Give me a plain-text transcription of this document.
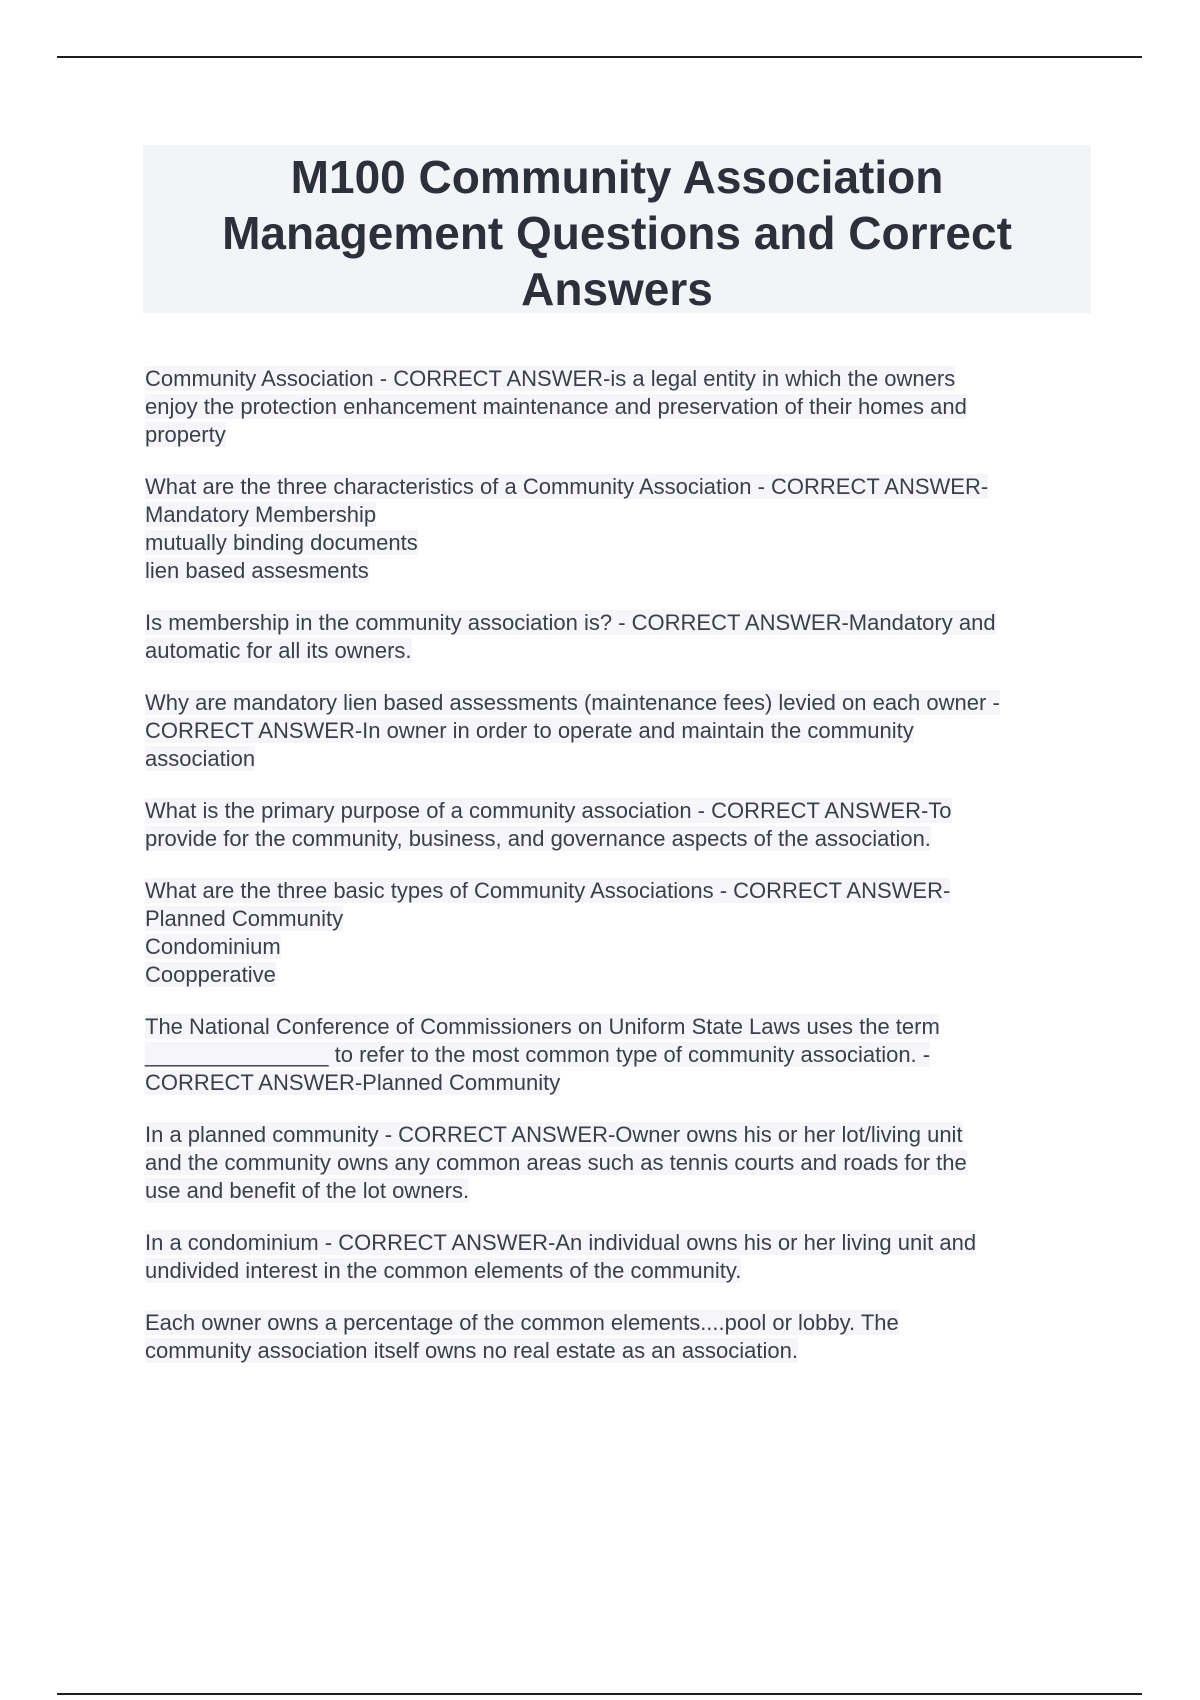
M100 Community Association
Management Questions and Correct
Answers

Community Association - CORRECT ANSWER-is a legal entity in which the owners
enjoy the protection enhancement maintenance and preservation of their homes and
property

What are the three characteristics of a Community Association - CORRECT ANSWER-
Mandatory Membership
mutually binding documents
lien based assesments

Is membership in the community association is? - CORRECT ANSWER-Mandatory and
automatic for all its owners.

Why are mandatory lien based assessments (maintenance fees) levied on each owner -
CORRECT ANSWER-In owner in order to operate and maintain the community
association

What is the primary purpose of a community association - CORRECT ANSWER-To
provide for the community, business, and governance aspects of the association.

What are the three basic types of Community Associations - CORRECT ANSWER-
Planned Community
Condominium
Coopperative

The National Conference of Commissioners on Uniform State Laws uses the term
_______________ to refer to the most common type of community association. -
CORRECT ANSWER-Planned Community

In a planned community - CORRECT ANSWER-Owner owns his or her lot/living unit
and the community owns any common areas such as tennis courts and roads for the
use and benefit of the lot owners.

In a condominium - CORRECT ANSWER-An individual owns his or her living unit and
undivided interest in the common elements of the community.

Each owner owns a percentage of the common elements....pool or lobby. The
community association itself owns no real estate as an association.
